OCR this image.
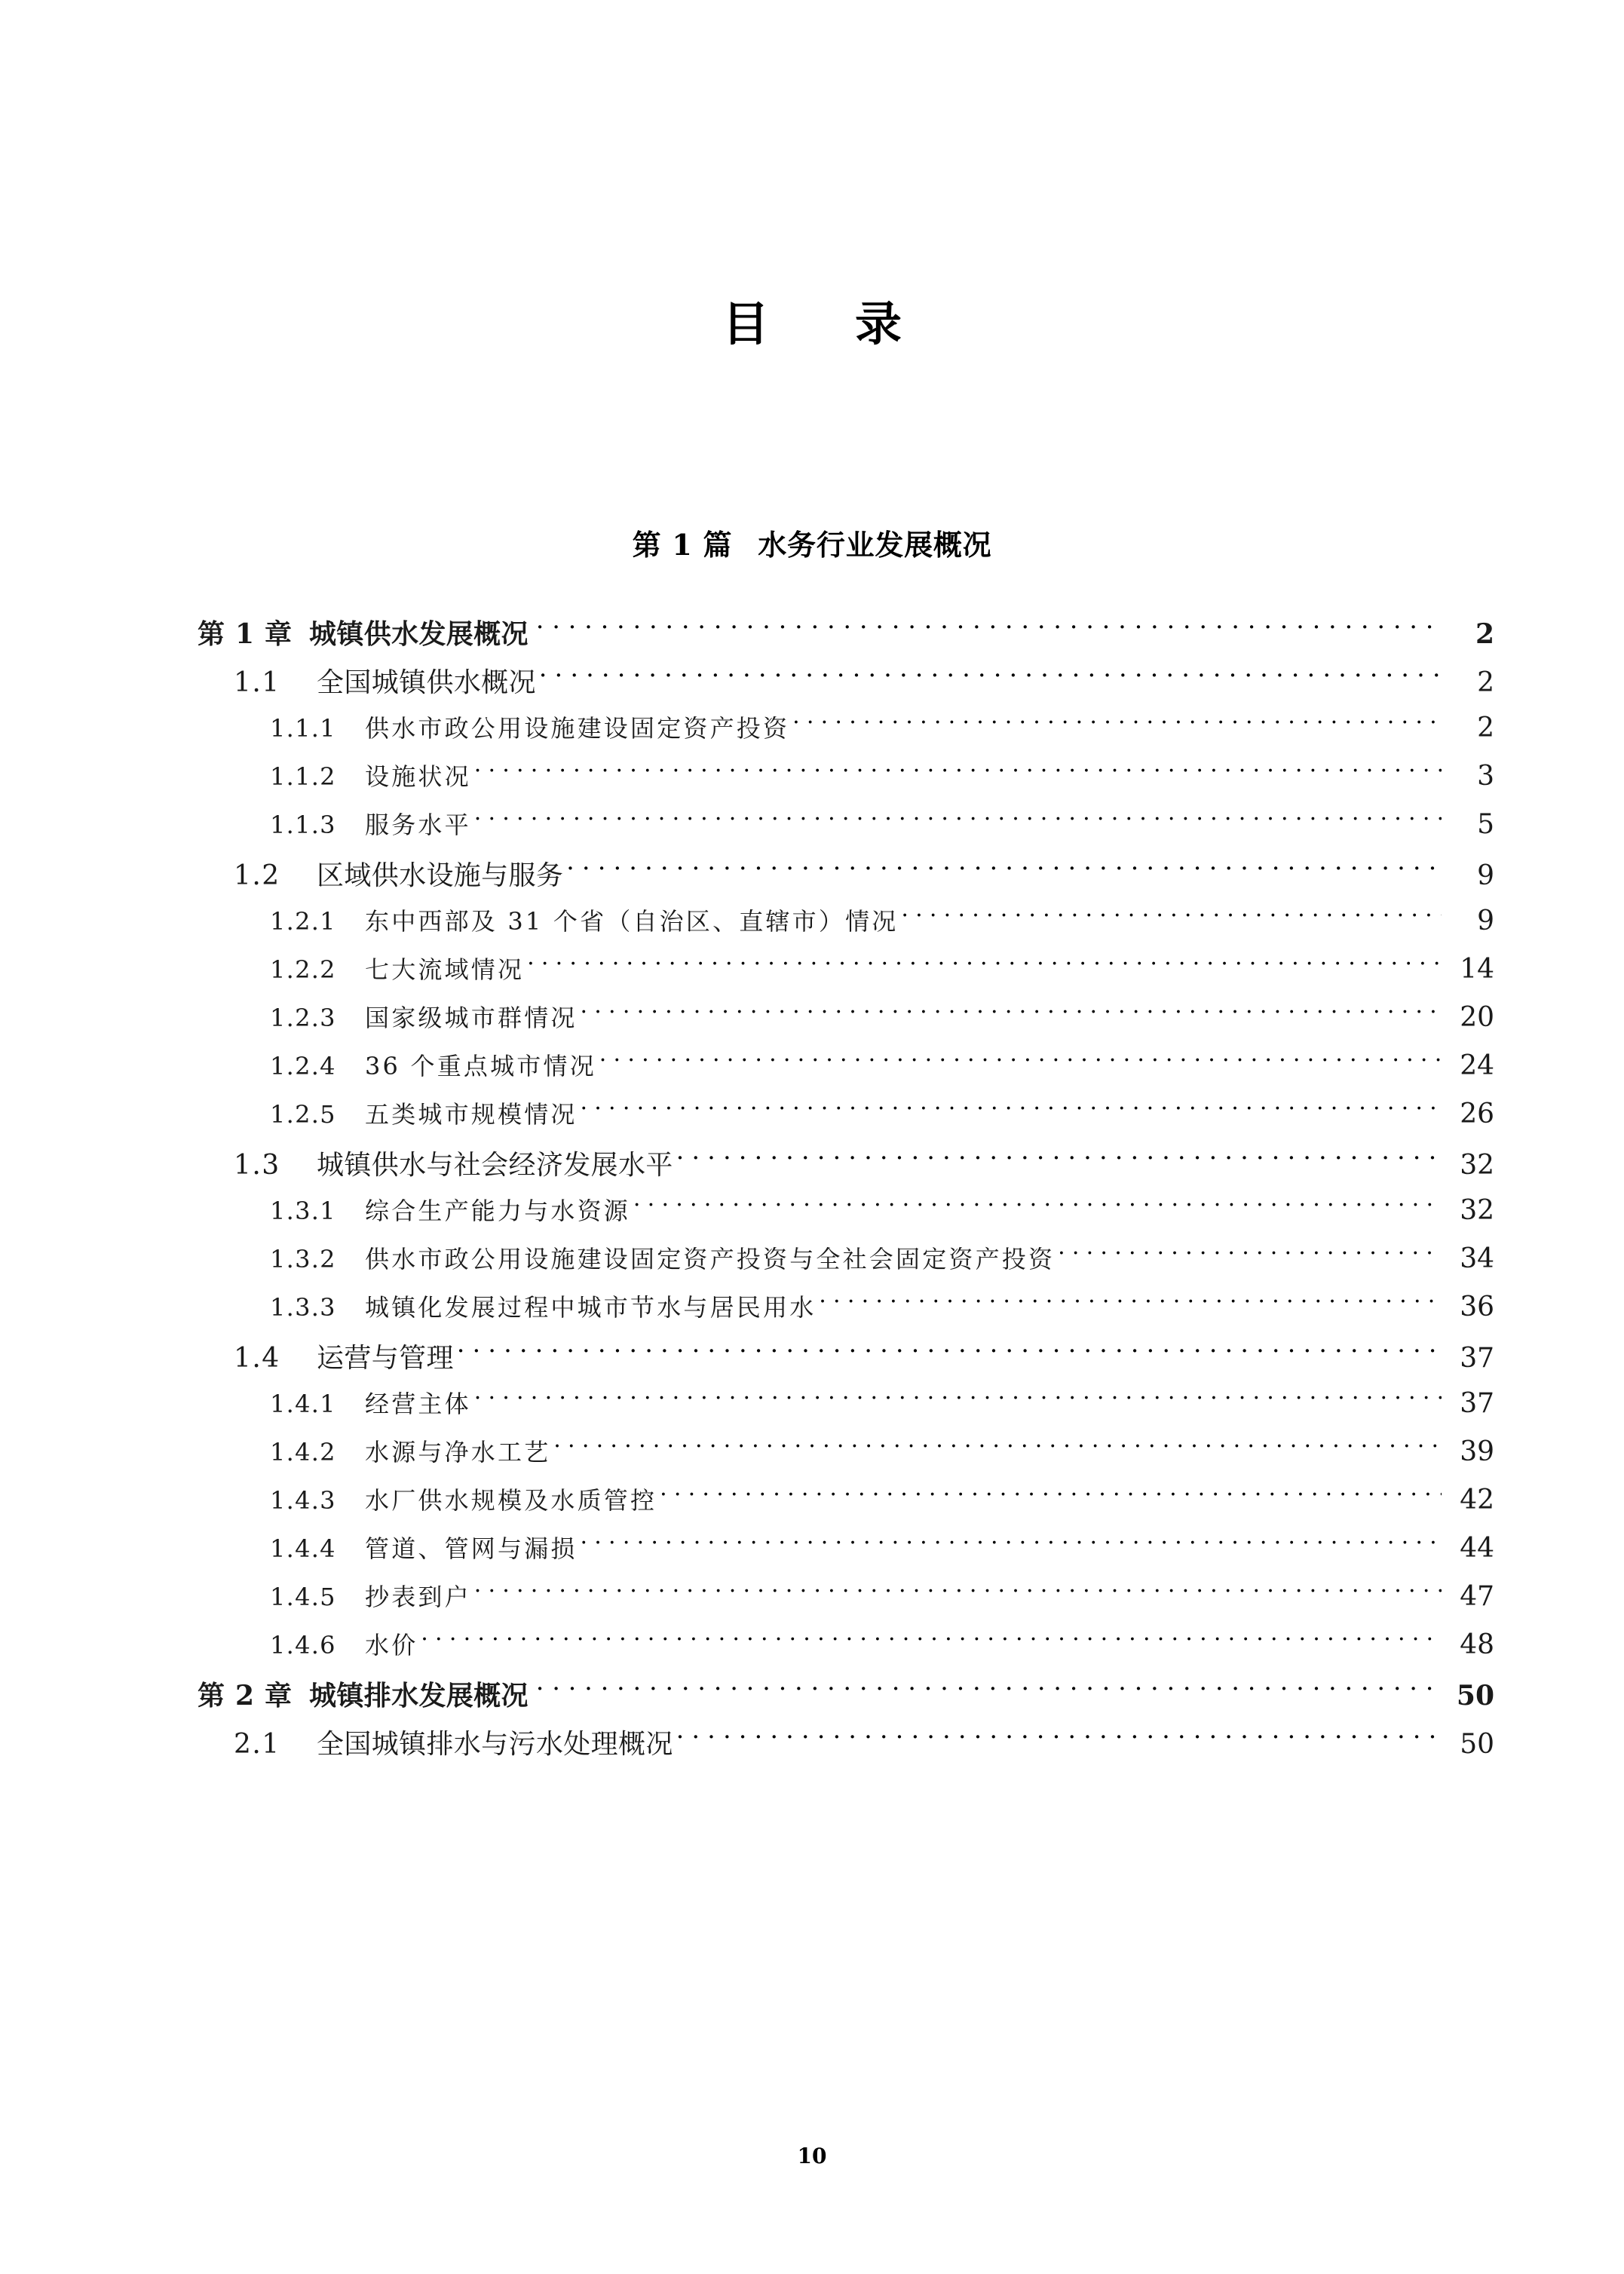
目　录
第 1 篇 水务行业发展概况
第 1 章 城镇供水发展概况 ·····	2
1.1	全国城镇供水概况 ·····	2
1.1.1	供水市政公用设施建设固定资产投资 ·····	2
1.1.2	设施状况 ·····	3
1.1.3	服务水平 ·····	5
1.2	区域供水设施与服务 ·····	9
1.2.1	东中西部及 31 个省（自治区、直辖市）情况 ·····	9
1.2.2	七大流域情况 ·····	14
1.2.3	国家级城市群情况 ·····	20
1.2.4	36 个重点城市情况 ·····	24
1.2.5	五类城市规模情况 ·····	26
1.3	城镇供水与社会经济发展水平 ·····	32
1.3.1	综合生产能力与水资源 ·····	32
1.3.2	供水市政公用设施建设固定资产投资与全社会固定资产投资 ·····	34
1.3.3	城镇化发展过程中城市节水与居民用水 ·····	36
1.4	运营与管理 ·····	37
1.4.1	经营主体 ·····	37
1.4.2	水源与净水工艺 ·····	39
1.4.3	水厂供水规模及水质管控 ·····	42
1.4.4	管道、管网与漏损 ·····	44
1.4.5	抄表到户 ·····	47
1.4.6	水价 ·····	48
第 2 章 城镇排水发展概况 ·····	50
2.1	全国城镇排水与污水处理概况 ·····	50
10
